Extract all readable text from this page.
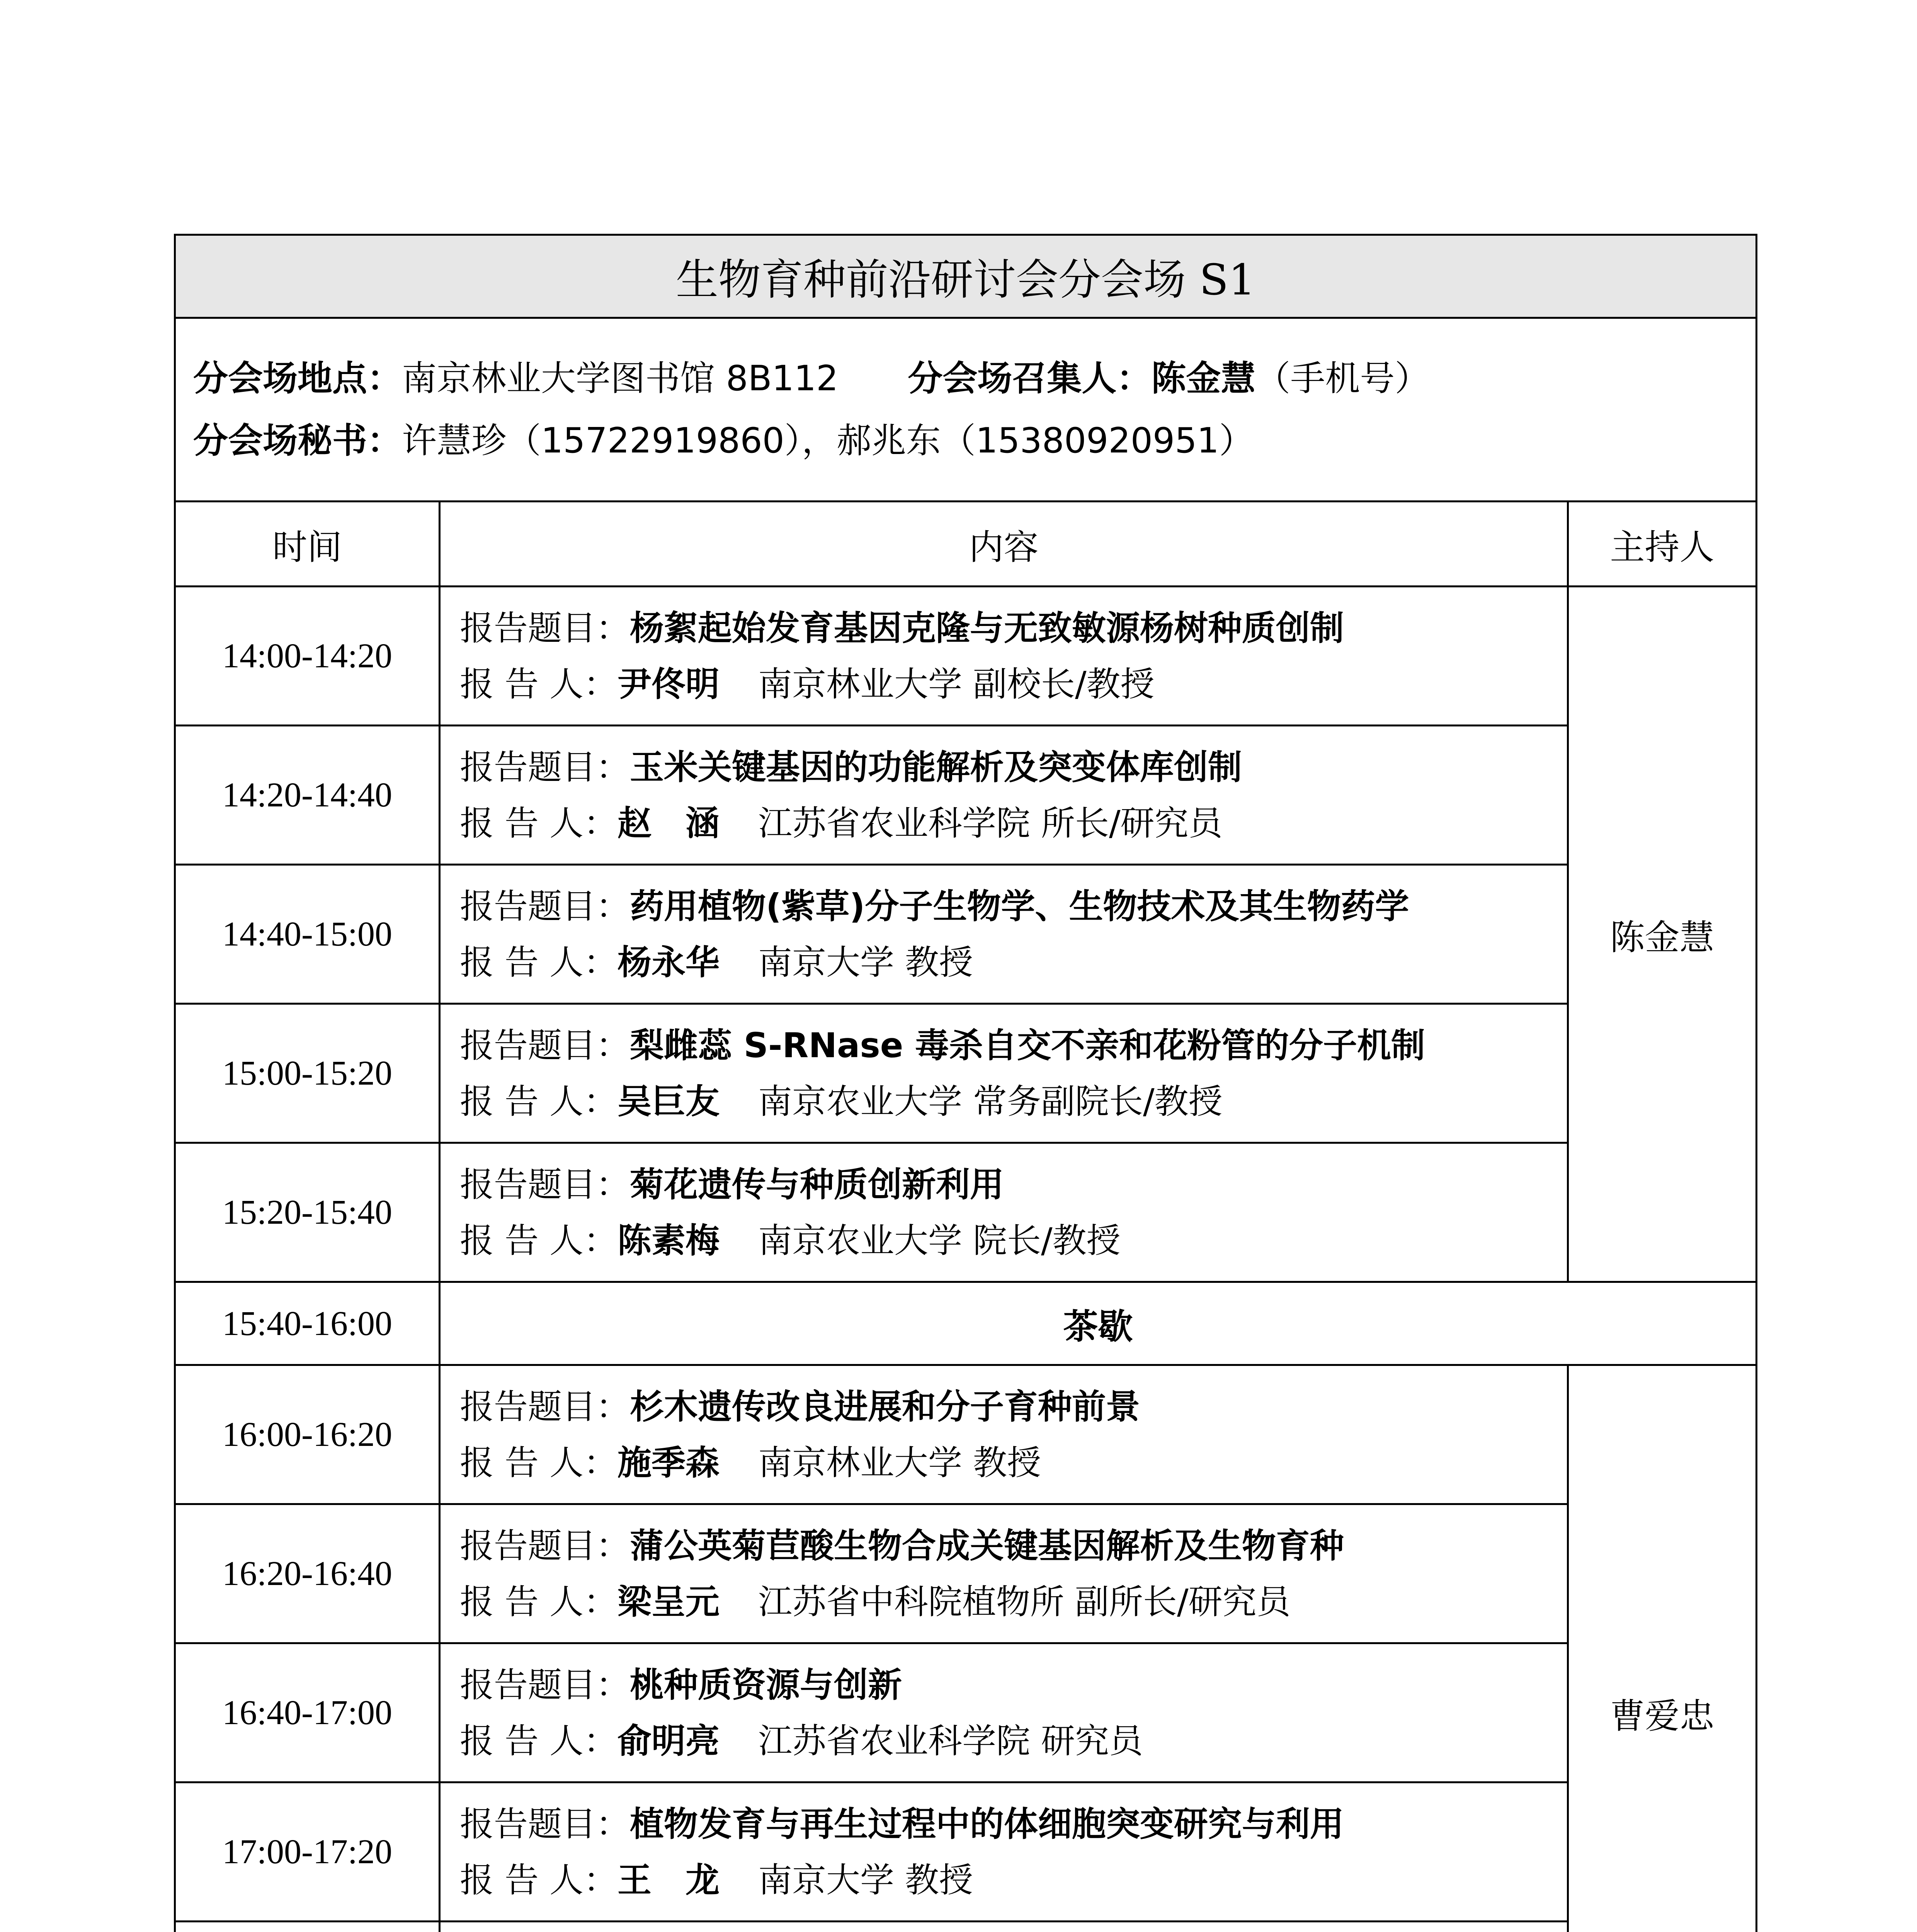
生物育种前沿研讨会分会场 S1		

分会场地点：南京林业大学图书馆 8B112 分会场召集人：陈金慧（手机号）
分会场秘书：许慧珍（15722919860），郝兆东（15380920951）		

时间	内容	主持人
14:00-14:20	报告题目：杨絮起始发育基因克隆与无致敏源杨树种质创制
报 告 人：尹佟明 南京林业大学 副校长/教授	陈金慧
14:20-14:40	报告题目：玉米关键基因的功能解析及突变体库创制
报 告 人：赵　涵 江苏省农业科学院 所长/研究员	

14:40-15:00	报告题目：药用植物(紫草)分子生物学、生物技术及其生物药学
报 告 人：杨永华 南京大学 教授	

15:00-15:20	报告题目：梨雌蕊 S-RNase 毒杀自交不亲和花粉管的分子机制
报 告 人：吴巨友 南京农业大学 常务副院长/教授	

15:20-15:40	报告题目：菊花遗传与种质创新利用
报 告 人：陈素梅 南京农业大学 院长/教授	

15:40-16:00	茶歇	
16:00-16:20	报告题目：杉木遗传改良进展和分子育种前景
报 告 人：施季森 南京林业大学 教授	曹爱忠
16:20-16:40	报告题目：蒲公英菊苣酸生物合成关键基因解析及生物育种
报 告 人：梁呈元 江苏省中科院植物所 副所长/研究员	

16:40-17:00	报告题目：桃种质资源与创新
报 告 人：俞明亮 江苏省农业科学院 研究员	

17:00-17:20	报告题目：植物发育与再生过程中的体细胞突变研究与利用
报 告 人：王　龙 南京大学 教授	
